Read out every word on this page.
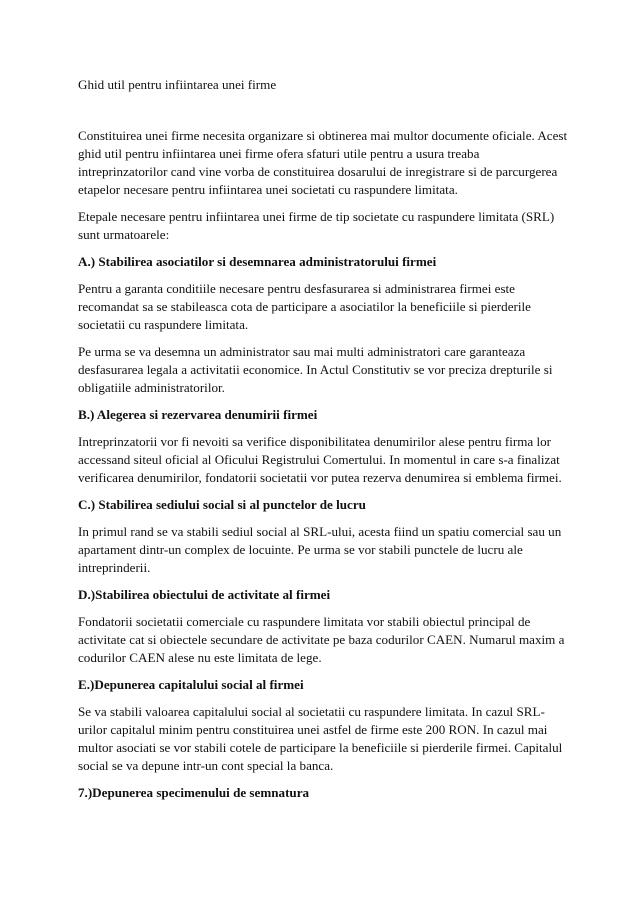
Ghid util pentru infiintarea unei firme

Constituirea unei firme necesita organizare si obtinerea mai multor documente oficiale. Acest ghid util pentru infiintarea unei firme ofera sfaturi utile pentru a usura treaba intreprinzatorilor cand vine vorba de constituirea dosarului de inregistrare si de parcurgerea etapelor necesare pentru infiintarea unei societati cu raspundere limitata.

Etepale necesare pentru infiintarea unei firme de tip societate cu raspundere limitata (SRL) sunt urmatoarele:

A.) Stabilirea asociatilor si desemnarea administratorului firmei

Pentru a garanta conditiile necesare pentru desfasurarea si administrarea firmei este recomandat sa se stabileasca cota de participare a asociatilor la beneficiile si pierderile societatii cu raspundere limitata.

Pe urma se va desemna un administrator sau mai multi administratori care garanteaza desfasurarea legala a activitatii economice. In Actul Constitutiv se vor preciza drepturile si obligatiile administratorilor.

B.) Alegerea si rezervarea denumirii firmei

Intreprinzatorii vor fi nevoiti sa verifice disponibilitatea denumirilor alese pentru firma lor accessand siteul oficial al Oficului Registrului Comertului. In momentul in care s-a finalizat verificarea denumirilor, fondatorii societatii vor putea rezerva denumirea si emblema firmei.

C.) Stabilirea sediului social si al punctelor de lucru

In primul rand se va stabili sediul social al SRL-ului, acesta fiind un spatiu comercial sau un apartament dintr-un complex de locuinte. Pe urma se vor stabili punctele de lucru ale intreprinderii.

D.)Stabilirea obiectului de activitate al firmei

Fondatorii societatii comerciale cu raspundere limitata vor stabili obiectul principal de activitate cat si obiectele secundare de activitate pe baza codurilor CAEN. Numarul maxim a codurilor CAEN alese nu este limitata de lege.

E.)Depunerea capitalului social al firmei

Se va stabili valoarea capitalului social al societatii cu raspundere limitata. In cazul SRL-urilor capitalul minim pentru constituirea unei astfel de firme este 200 RON. In cazul mai multor asociati se vor stabili cotele de participare la beneficiile si pierderile firmei. Capitalul social se va depune intr-un cont special la banca.

7.)Depunerea specimenului de semnatura
